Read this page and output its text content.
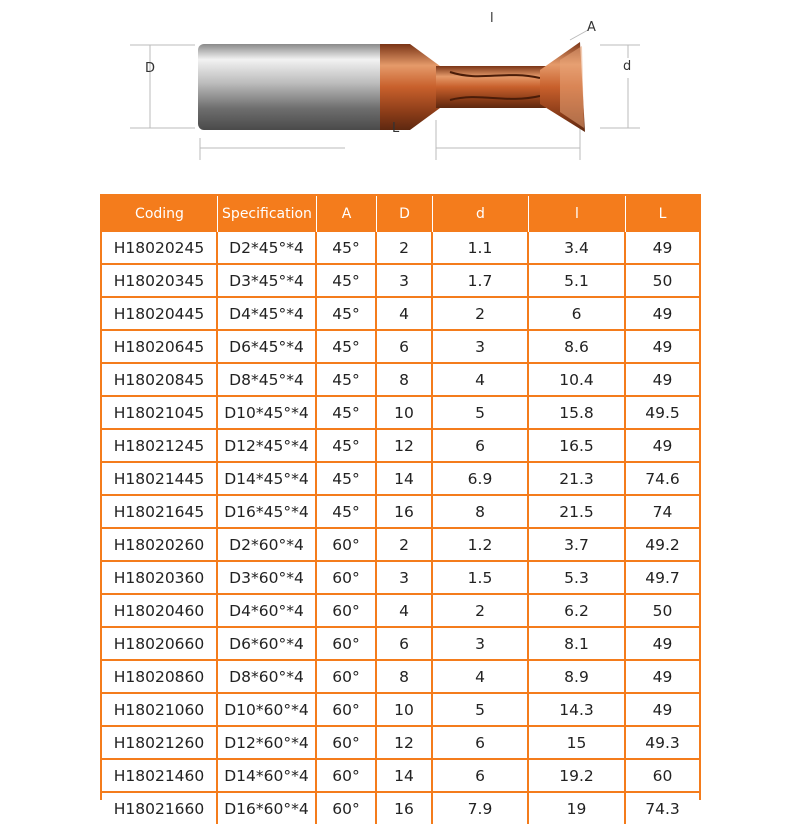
D
l
A
d
L
Coding	Specification	A	D	d	l	L
H18020245	D2*45°*4	45°	2	1.1	3.4	49
H18020345	D3*45°*4	45°	3	1.7	5.1	50
H18020445	D4*45°*4	45°	4	2	6	49
H18020645	D6*45°*4	45°	6	3	8.6	49
H18020845	D8*45°*4	45°	8	4	10.4	49
H18021045	D10*45°*4	45°	10	5	15.8	49.5
H18021245	D12*45°*4	45°	12	6	16.5	49
H18021445	D14*45°*4	45°	14	6.9	21.3	74.6
H18021645	D16*45°*4	45°	16	8	21.5	74
H18020260	D2*60°*4	60°	2	1.2	3.7	49.2
H18020360	D3*60°*4	60°	3	1.5	5.3	49.7
H18020460	D4*60°*4	60°	4	2	6.2	50
H18020660	D6*60°*4	60°	6	3	8.1	49
H18020860	D8*60°*4	60°	8	4	8.9	49
H18021060	D10*60°*4	60°	10	5	14.3	49
H18021260	D12*60°*4	60°	12	6	15	49.3
H18021460	D14*60°*4	60°	14	6	19.2	60
H18021660	D16*60°*4	60°	16	7.9	19	74.3
